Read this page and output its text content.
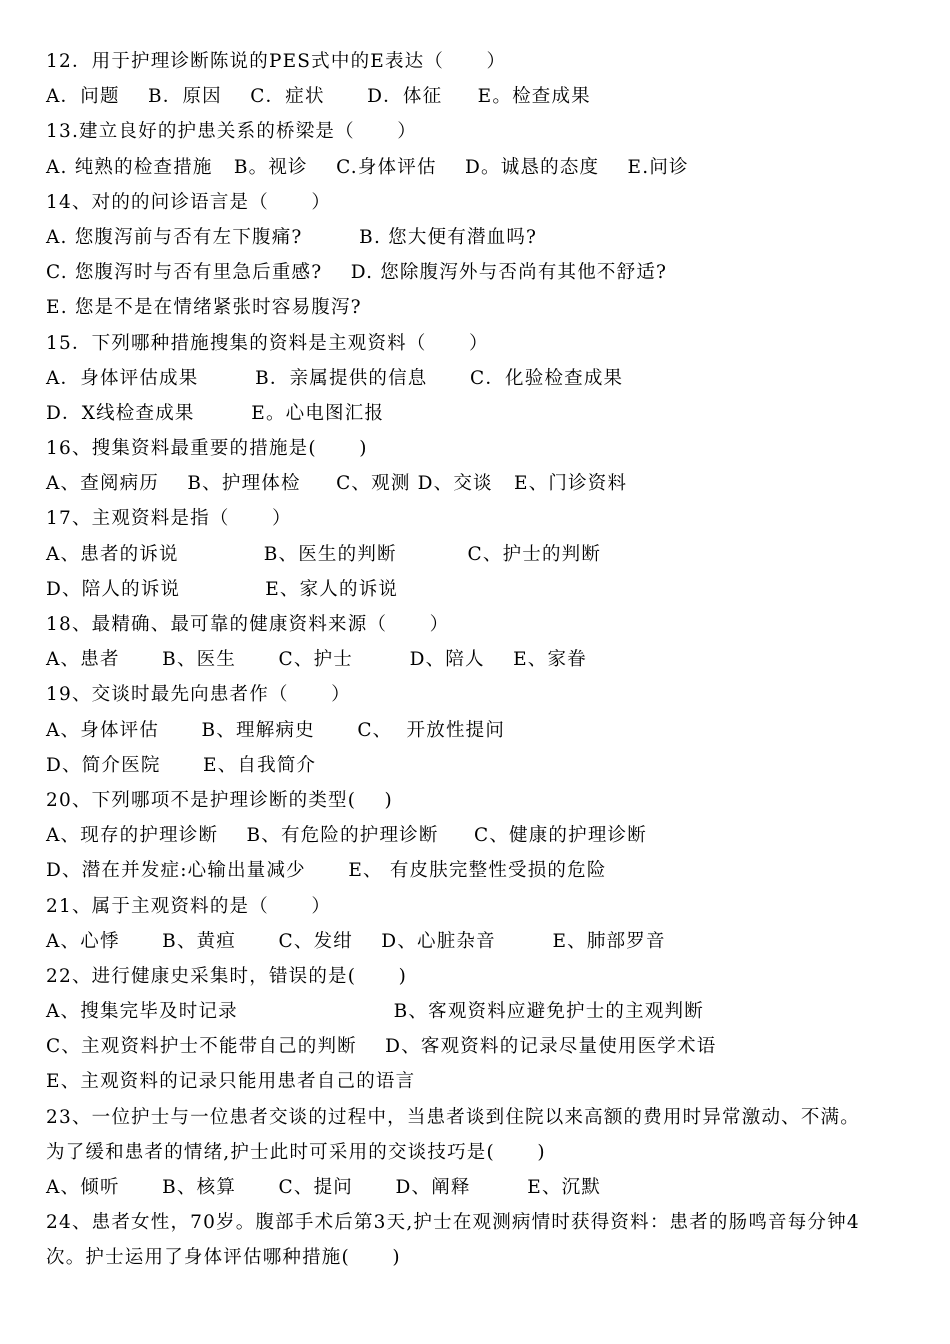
12．用于护理诊断陈说的PES式中的E表达（      ）
A．问题    B．原因    C．症状      D．体征     E。检查成果
13.建立良好的护患关系的桥梁是（      ）
A. 纯熟的检查措施   B。视诊    C.身体评估    D。诚恳的态度    E.问诊
14、对的的问诊语言是（      ）
A. 您腹泻前与否有左下腹痛?        B. 您大便有潜血吗?
C. 您腹泻时与否有里急后重感?    D. 您除腹泻外与否尚有其他不舒适?
E. 您是不是在情绪紧张时容易腹泻?
15．下列哪种措施搜集的资料是主观资料（      ）
A．身体评估成果        B．亲属提供的信息      C．化验检查成果
D．X线检查成果        E。心电图汇报
16、搜集资料最重要的措施是(      )
A、查阅病历    B、护理体检     C、观测 D、交谈   E、门诊资料
17、主观资料是指（      ）
A、患者的诉说            B、医生的判断          C、护士的判断
D、陪人的诉说            E、家人的诉说
18、最精确、最可靠的健康资料来源（      ）
A、患者      B、医生      C、护士        D、陪人    E、家眷
19、交谈时最先向患者作（      ）
A、身体评估      B、理解病史      C、  开放性提问
D、简介医院      E、自我简介
20、下列哪项不是护理诊断的类型(    )
A、现存的护理诊断    B、有危险的护理诊断     C、健康的护理诊断
D、潜在并发症:心输出量减少      E、 有皮肤完整性受损的危险
21、属于主观资料的是（      ）
A、心悸      B、黄疸      C、发绀    D、心脏杂音        E、肺部罗音
22、进行健康史采集时，错误的是(      )
A、搜集完毕及时记录                      B、客观资料应避免护士的主观判断
C、主观资料护士不能带自己的判断    D、客观资料的记录尽量使用医学术语
E、主观资料的记录只能用患者自己的语言
23、一位护士与一位患者交谈的过程中，当患者谈到住院以来高额的费用时异常激动、不满。
为了缓和患者的情绪,护士此时可采用的交谈技巧是(      )
A、倾听      B、核算      C、提问      D、阐释        E、沉默
24、患者女性，70岁。腹部手术后第3天,护士在观测病情时获得资料：患者的肠鸣音每分钟4
次。护士运用了身体评估哪种措施(      )
